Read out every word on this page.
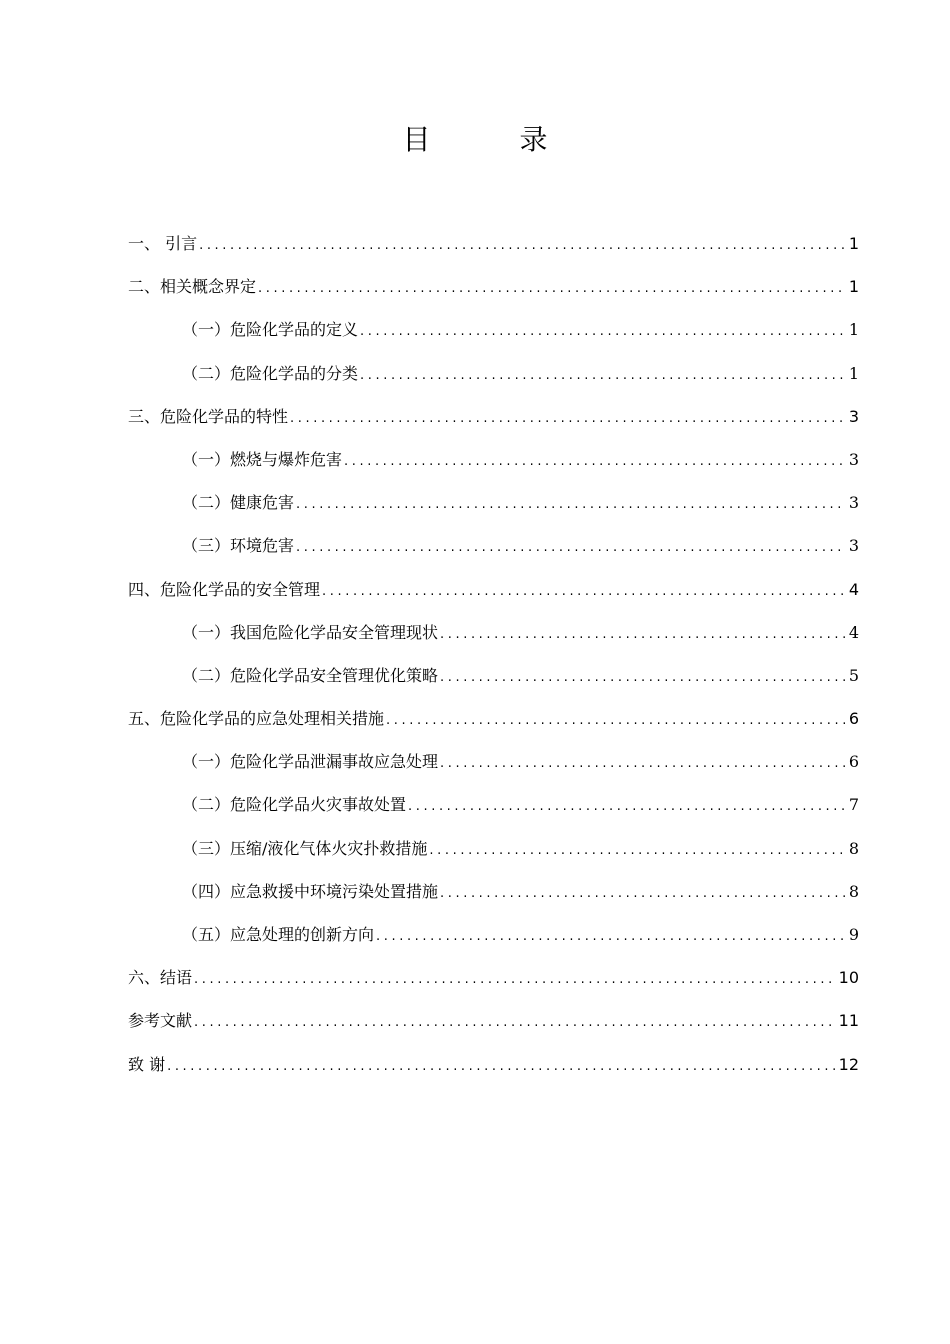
目 录
一、 引言 .....	1
二、相关概念界定 .....	1
（一）危险化学品的定义 .....	1
（二）危险化学品的分类 .....	1
三、危险化学品的特性 .....	3
（一）燃烧与爆炸危害 .....	3
（二）健康危害 .....	3
（三）环境危害 .....	3
四、危险化学品的安全管理 .....	4
（一）我国危险化学品安全管理现状 .....	4
（二）危险化学品安全管理优化策略 .....	5
五、危险化学品的应急处理相关措施 .....	6
（一）危险化学品泄漏事故应急处理 .....	6
（二）危险化学品火灾事故处置 .....	7
（三）压缩/液化气体火灾扑救措施 .....	8
（四）应急救援中环境污染处置措施 .....	8
（五）应急处理的创新方向 .....	9
六、结语 .....	10
参考文献 .....	11
致 谢 .....	12
